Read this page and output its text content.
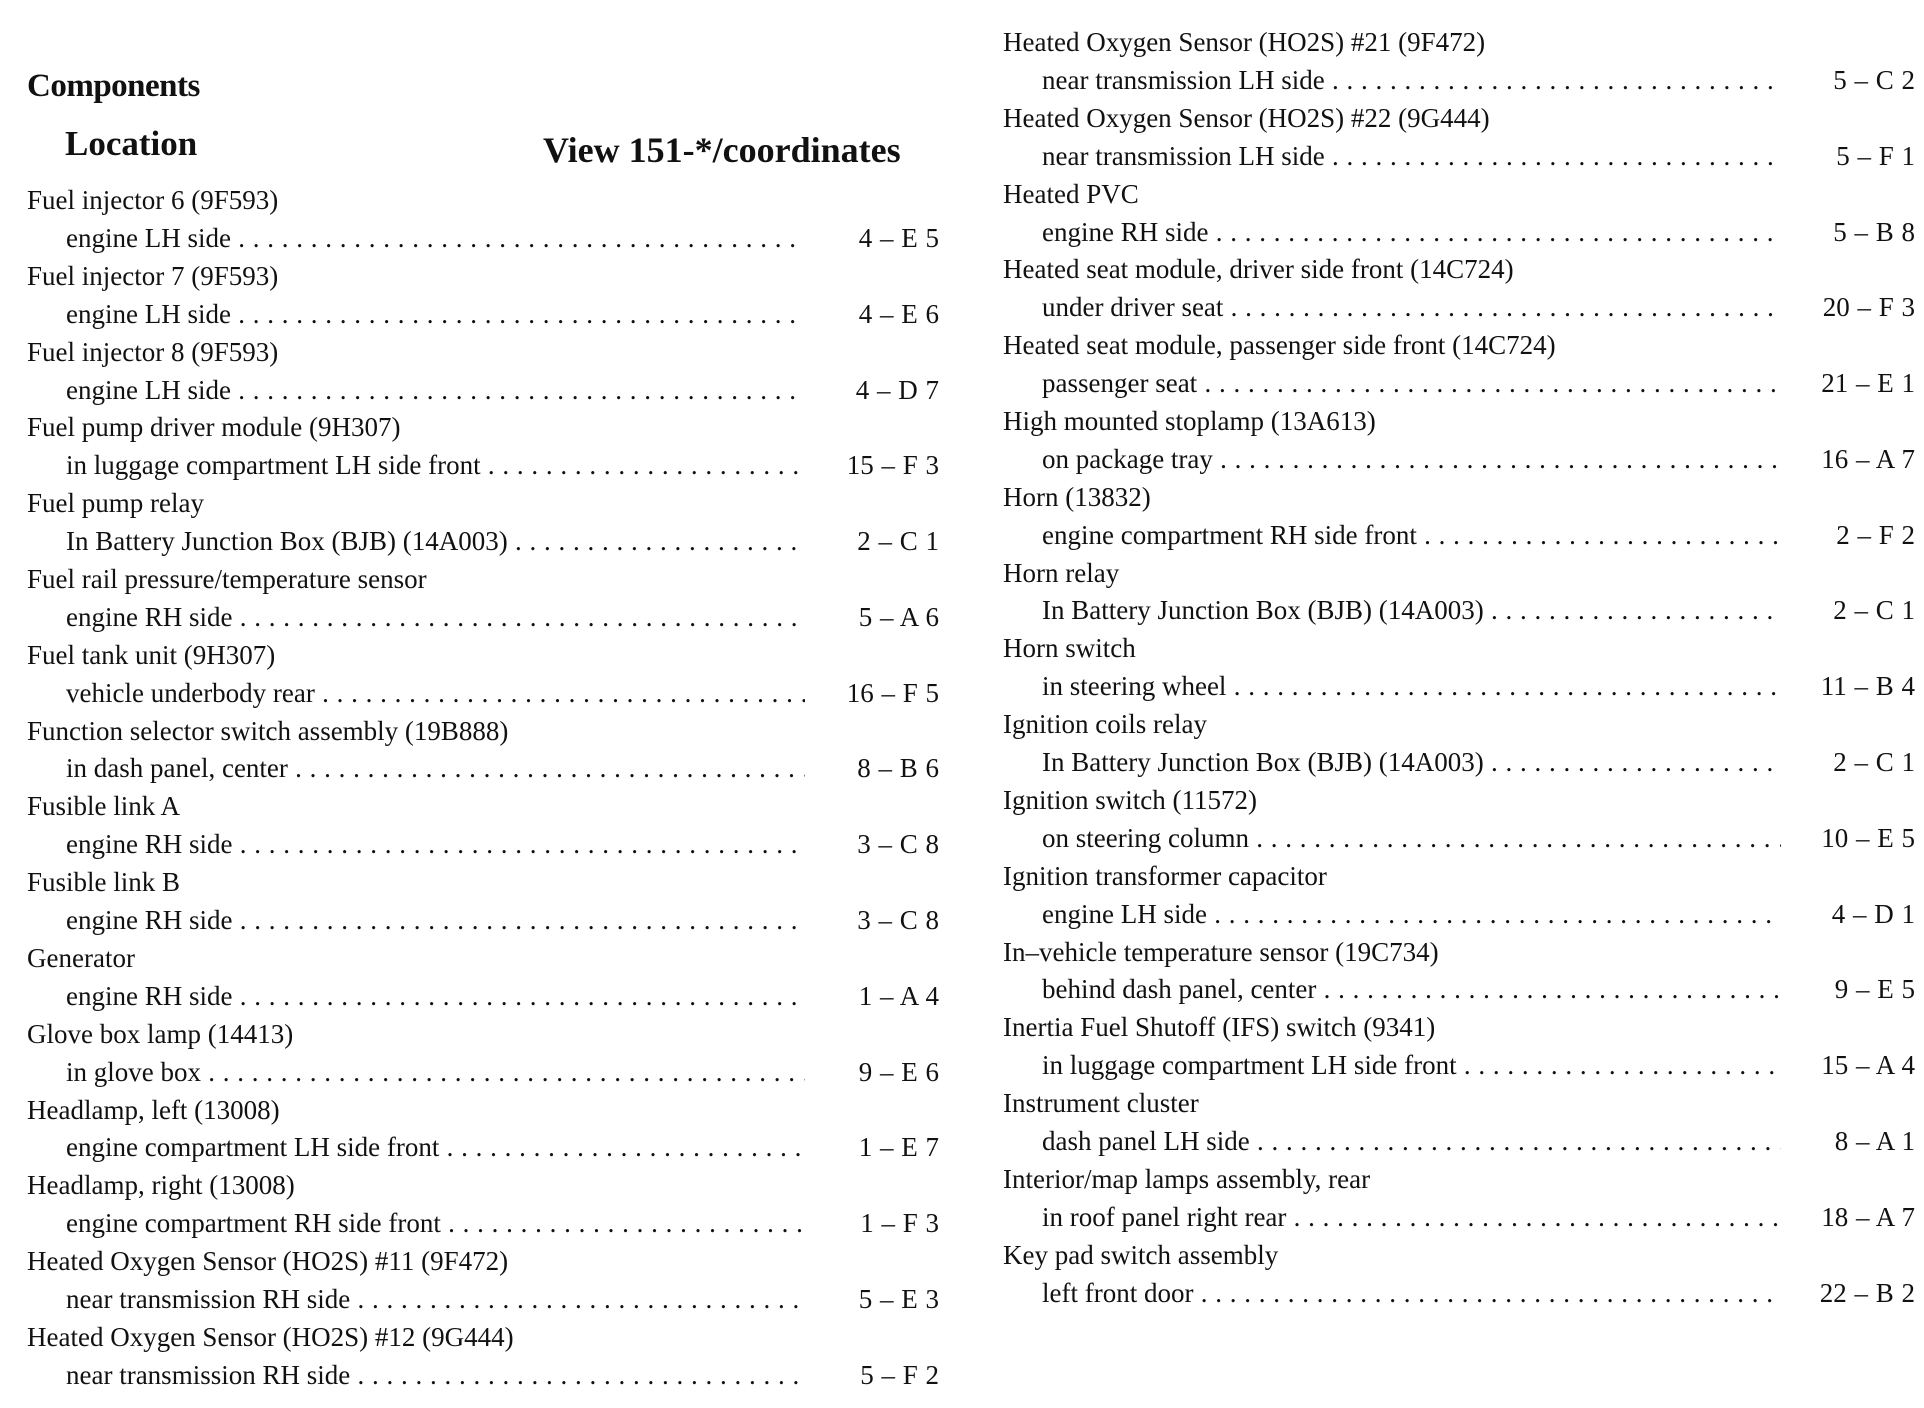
Components
Location	View 151-*/coordinates
Fuel injector 6 (9F593)
engine LH side . . .	4 – E 5
Fuel injector 7 (9F593)
engine LH side . . .	4 – E 6
Fuel injector 8 (9F593)
engine LH side . . .	4 – D 7
Fuel pump driver module (9H307)
in luggage compartment LH side front . . .	15 – F 3
Fuel pump relay
In Battery Junction Box (BJB) (14A003) . . .	2 – C 1
Fuel rail pressure/temperature sensor
engine RH side . . .	5 – A 6
Fuel tank unit (9H307)
vehicle underbody rear . . .	16 – F 5
Function selector switch assembly (19B888)
in dash panel, center . . .	8 – B 6
Fusible link A
engine RH side . . .	3 – C 8
Fusible link B
engine RH side . . .	3 – C 8
Generator
engine RH side . . .	1 – A 4
Glove box lamp (14413)
in glove box . . .	9 – E 6
Headlamp, left (13008)
engine compartment LH side front . . .	1 – E 7
Headlamp, right (13008)
engine compartment RH side front . . .	1 – F 3
Heated Oxygen Sensor (HO2S) #11 (9F472)
near transmission RH side . . .	5 – E 3
Heated Oxygen Sensor (HO2S) #12 (9G444)
near transmission RH side . . .	5 – F 2
Heated Oxygen Sensor (HO2S) #21 (9F472)
near transmission LH side . . .	5 – C 2
Heated Oxygen Sensor (HO2S) #22 (9G444)
near transmission LH side . . .	5 – F 1
Heated PVC
engine RH side . . .	5 – B 8
Heated seat module, driver side front (14C724)
under driver seat . . .	20 – F 3
Heated seat module, passenger side front (14C724)
passenger seat . . .	21 – E 1
High mounted stoplamp (13A613)
on package tray . . .	16 – A 7
Horn (13832)
engine compartment RH side front . . .	2 – F 2
Horn relay
In Battery Junction Box (BJB) (14A003) . . .	2 – C 1
Horn switch
in steering wheel . . .	11 – B 4
Ignition coils relay
In Battery Junction Box (BJB) (14A003) . . .	2 – C 1
Ignition switch (11572)
on steering column . . .	10 – E 5
Ignition transformer capacitor
engine LH side . . .	4 – D 1
In–vehicle temperature sensor (19C734)
behind dash panel, center . . .	9 – E 5
Inertia Fuel Shutoff (IFS) switch (9341)
in luggage compartment LH side front . . .	15 – A 4
Instrument cluster
dash panel LH side . . .	8 – A 1
Interior/map lamps assembly, rear
in roof panel right rear . . .	18 – A 7
Key pad switch assembly
left front door . . .	22 – B 2
